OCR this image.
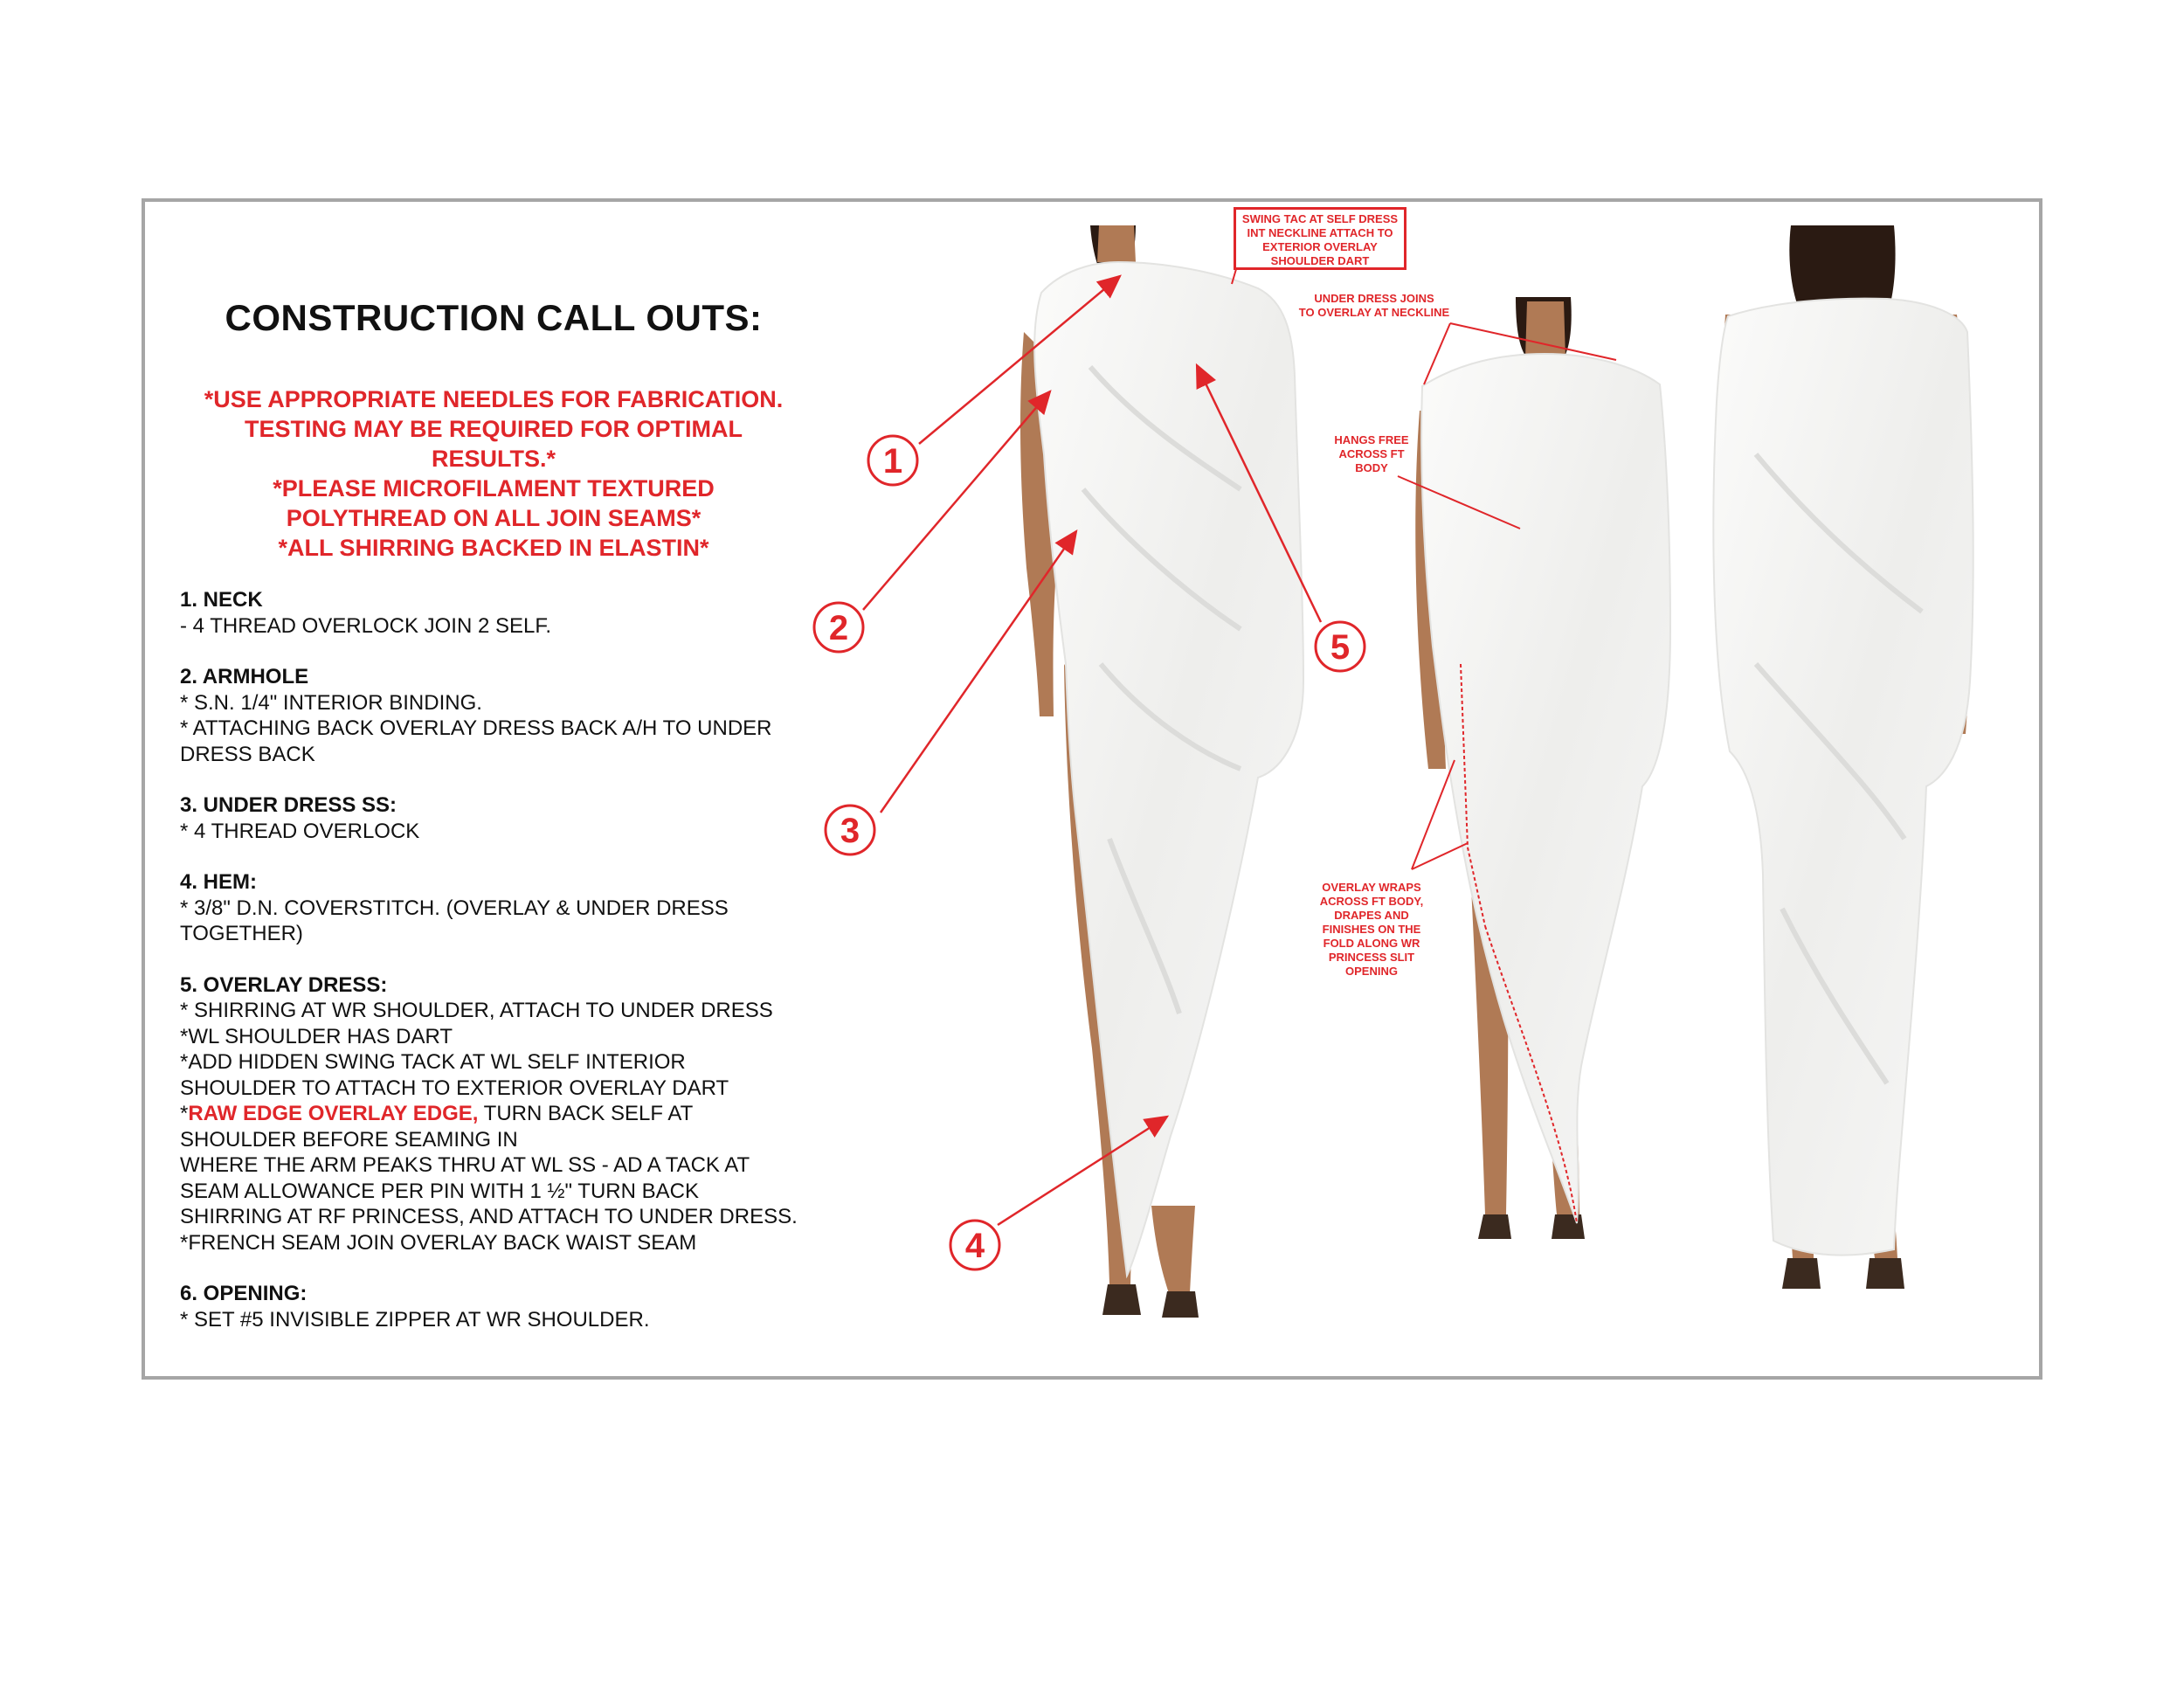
CONSTRUCTION CALL OUTS:
*USE APPROPRIATE NEEDLES FOR FABRICATION.
TESTING MAY BE REQUIRED FOR OPTIMAL
RESULTS.*
*PLEASE MICROFILAMENT TEXTURED
POLYTHREAD ON ALL JOIN SEAMS*
*ALL SHIRRING BACKED IN ELASTIN*
1. NECK
- 4 THREAD OVERLOCK JOIN 2 SELF.
2. ARMHOLE
* S.N. 1/4" INTERIOR BINDING.
* ATTACHING BACK OVERLAY DRESS BACK A/H TO UNDER
DRESS BACK
3. UNDER DRESS SS:
* 4 THREAD OVERLOCK
4. HEM:
* 3/8" D.N. COVERSTITCH. (OVERLAY & UNDER DRESS
TOGETHER)
5. OVERLAY DRESS:
* SHIRRING AT WR SHOULDER, ATTACH TO UNDER DRESS
*WL SHOULDER HAS DART
*ADD HIDDEN SWING TACK AT WL SELF INTERIOR
SHOULDER TO ATTACH TO EXTERIOR OVERLAY DART
*RAW EDGE OVERLAY EDGE, TURN BACK SELF AT
SHOULDER BEFORE SEAMING IN
WHERE THE ARM PEAKS THRU AT WL SS - AD A TACK AT
SEAM ALLOWANCE PER PIN WITH 1 ½" TURN BACK
SHIRRING AT RF PRINCESS, AND ATTACH TO UNDER DRESS.
*FRENCH SEAM JOIN OVERLAY BACK WAIST SEAM
6. OPENING:
* SET #5 INVISIBLE ZIPPER AT WR SHOULDER.
1
2
3
4
5
SWING TAC AT SELF DRESS
INT NECKLINE ATTACH TO
EXTERIOR OVERLAY
SHOULDER DART
UNDER DRESS JOINS
TO OVERLAY AT NECKLINE
HANGS FREE
ACROSS FT
BODY
OVERLAY WRAPS
ACROSS FT BODY,
DRAPES AND
FINISHES ON THE
FOLD ALONG WR
PRINCESS SLIT
OPENING
